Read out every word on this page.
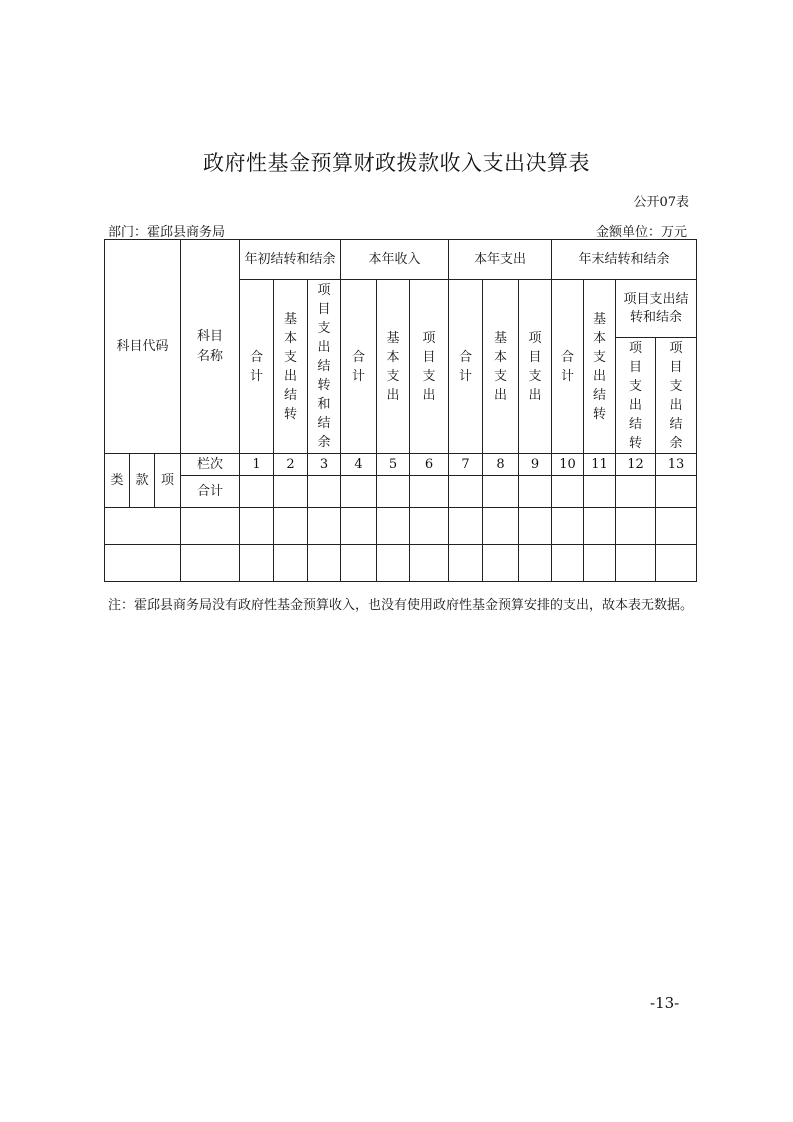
政府性基金预算财政拨款收入支出决算表
公开07表
部门：霍邱县商务局	金额单位：万元
科目代码			科目名称	年初结转和结余			本年收入			本年支出			年末结转和结余			
				合计	基本支出结转	项目支出结转和结余	合计	基本支出	项目支出	合计	基本支出	项目支出	合计	基本支出结转	项目支出结转和结余	
															项目支出结转	项目支出结余

类	款	项	栏次	1	2	3	4	5	6	7	8	9	10	11	12	13
			合计													

注：霍邱县商务局没有政府性基金预算收入，也没有使用政府性基金预算安排的支出，故本表无数据。
-13-
